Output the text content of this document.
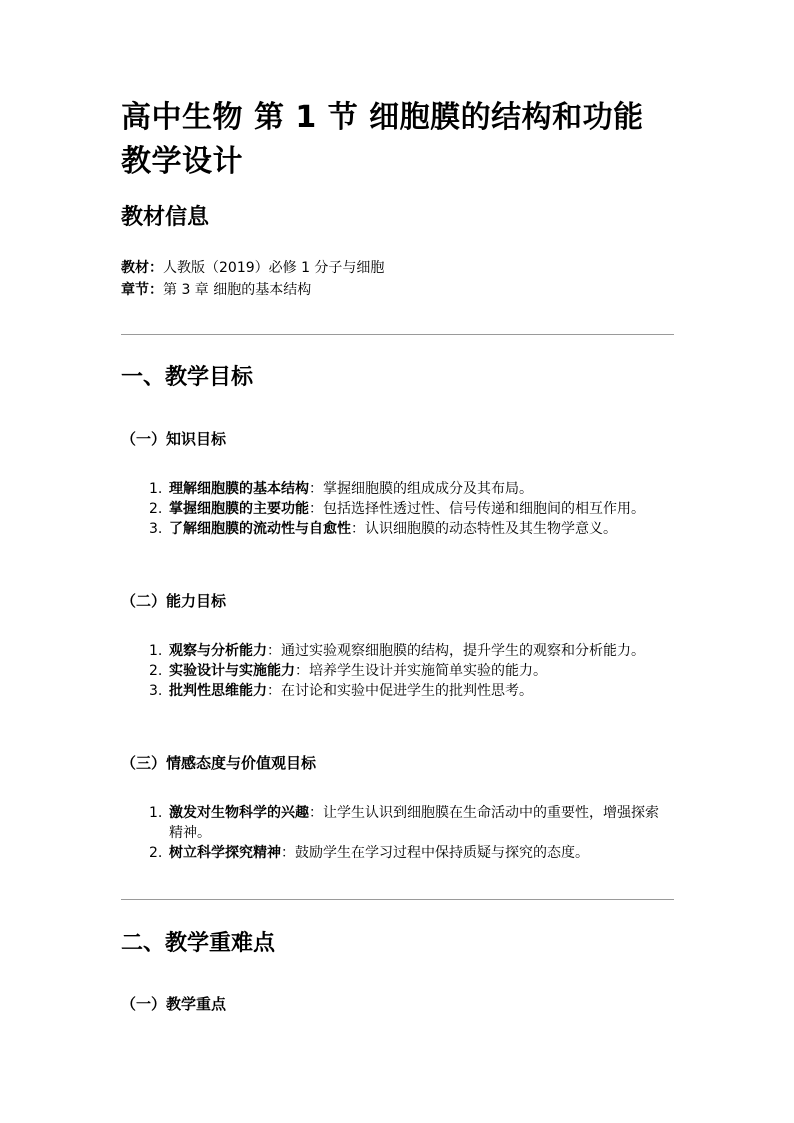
高中生物 第 1 节 细胞膜的结构和功能
教学设计
教材信息
教材：人教版（2019）必修 1 分子与细胞
章节：第 3 章 细胞的基本结构
一、教学目标
（一）知识目标
1. 理解细胞膜的基本结构：掌握细胞膜的组成成分及其布局。
2. 掌握细胞膜的主要功能：包括选择性透过性、信号传递和细胞间的相互作用。
3. 了解细胞膜的流动性与自愈性：认识细胞膜的动态特性及其生物学意义。
（二）能力目标
1. 观察与分析能力：通过实验观察细胞膜的结构，提升学生的观察和分析能力。
2. 实验设计与实施能力：培养学生设计并实施简单实验的能力。
3. 批判性思维能力：在讨论和实验中促进学生的批判性思考。
（三）情感态度与价值观目标
1. 激发对生物科学的兴趣：让学生认识到细胞膜在生命活动中的重要性，增强探索精神。
2. 树立科学探究精神：鼓励学生在学习过程中保持质疑与探究的态度。
二、教学重难点
（一）教学重点
